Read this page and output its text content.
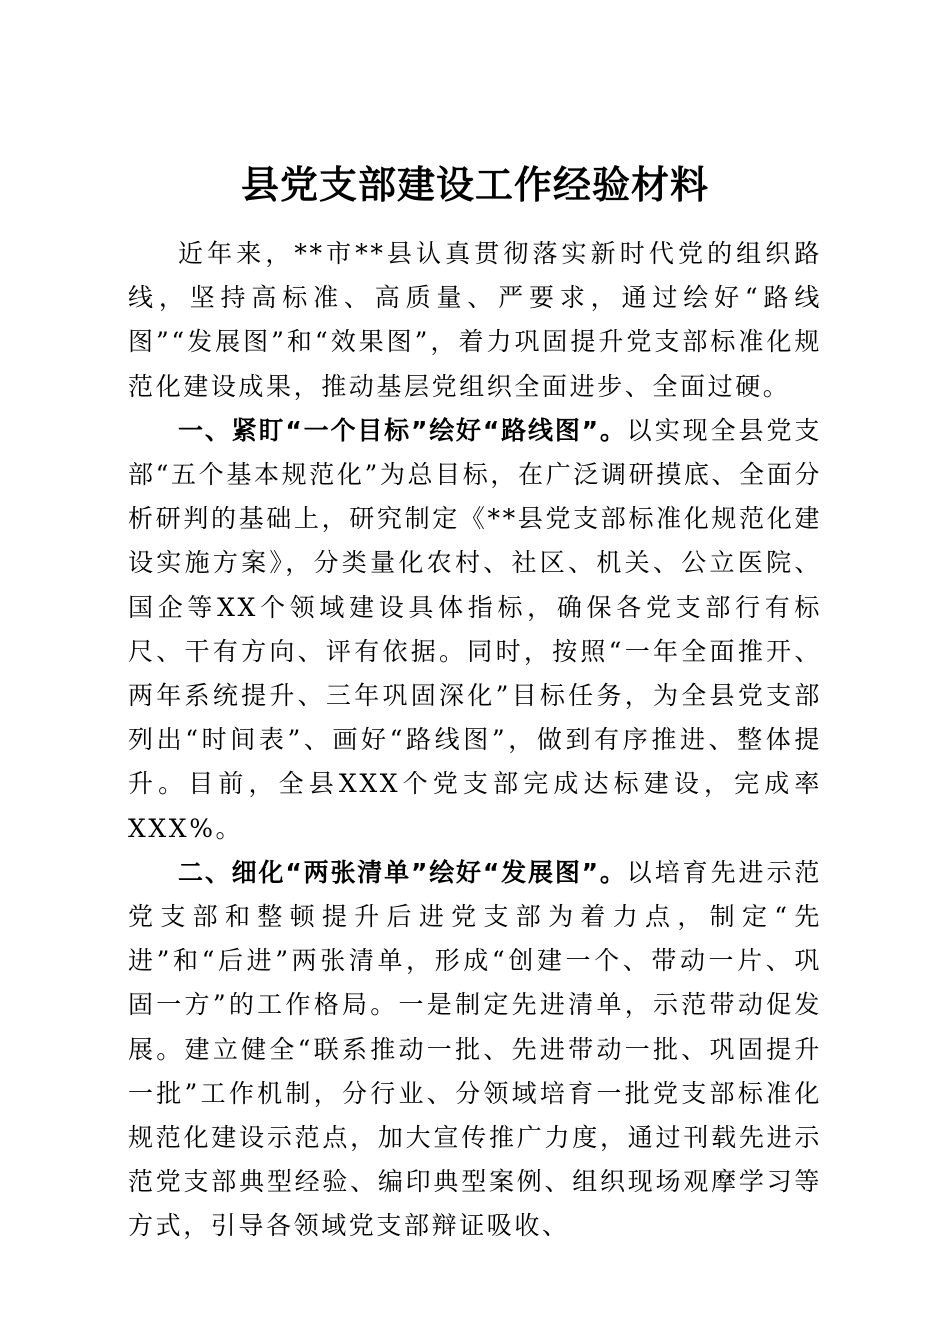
县党支部建设工作经验材料

近年来，**市**县认真贯彻落实新时代党的组织路线，坚持高标准、高质量、严要求，通过绘好“路线图”“发展图”和“效果图”，着力巩固提升党支部标准化规范化建设成果，推动基层党组织全面进步、全面过硬。

一、紧盯“一个目标”绘好“路线图”。以实现全县党支部“五个基本规范化”为总目标，在广泛调研摸底、全面分析研判的基础上，研究制定《**县党支部标准化规范化建设实施方案》，分类量化农村、社区、机关、公立医院、国企等XX个领域建设具体指标，确保各党支部行有标尺、干有方向、评有依据。同时，按照“一年全面推开、两年系统提升、三年巩固深化”目标任务，为全县党支部列出“时间表”、画好“路线图”，做到有序推进、整体提升。目前，全县XXX个党支部完成达标建设，完成率XXX%。

二、细化“两张清单”绘好“发展图”。以培育先进示范党支部和整顿提升后进党支部为着力点，制定“先进”和“后进”两张清单，形成“创建一个、带动一片、巩固一方”的工作格局。一是制定先进清单，示范带动促发展。建立健全“联系推动一批、先进带动一批、巩固提升一批”工作机制，分行业、分领域培育一批党支部标准化规范化建设示范点，加大宣传推广力度，通过刊载先进示范党支部典型经验、编印典型案例、组织现场观摩学习等方式，引导各领域党支部辩证吸收、
